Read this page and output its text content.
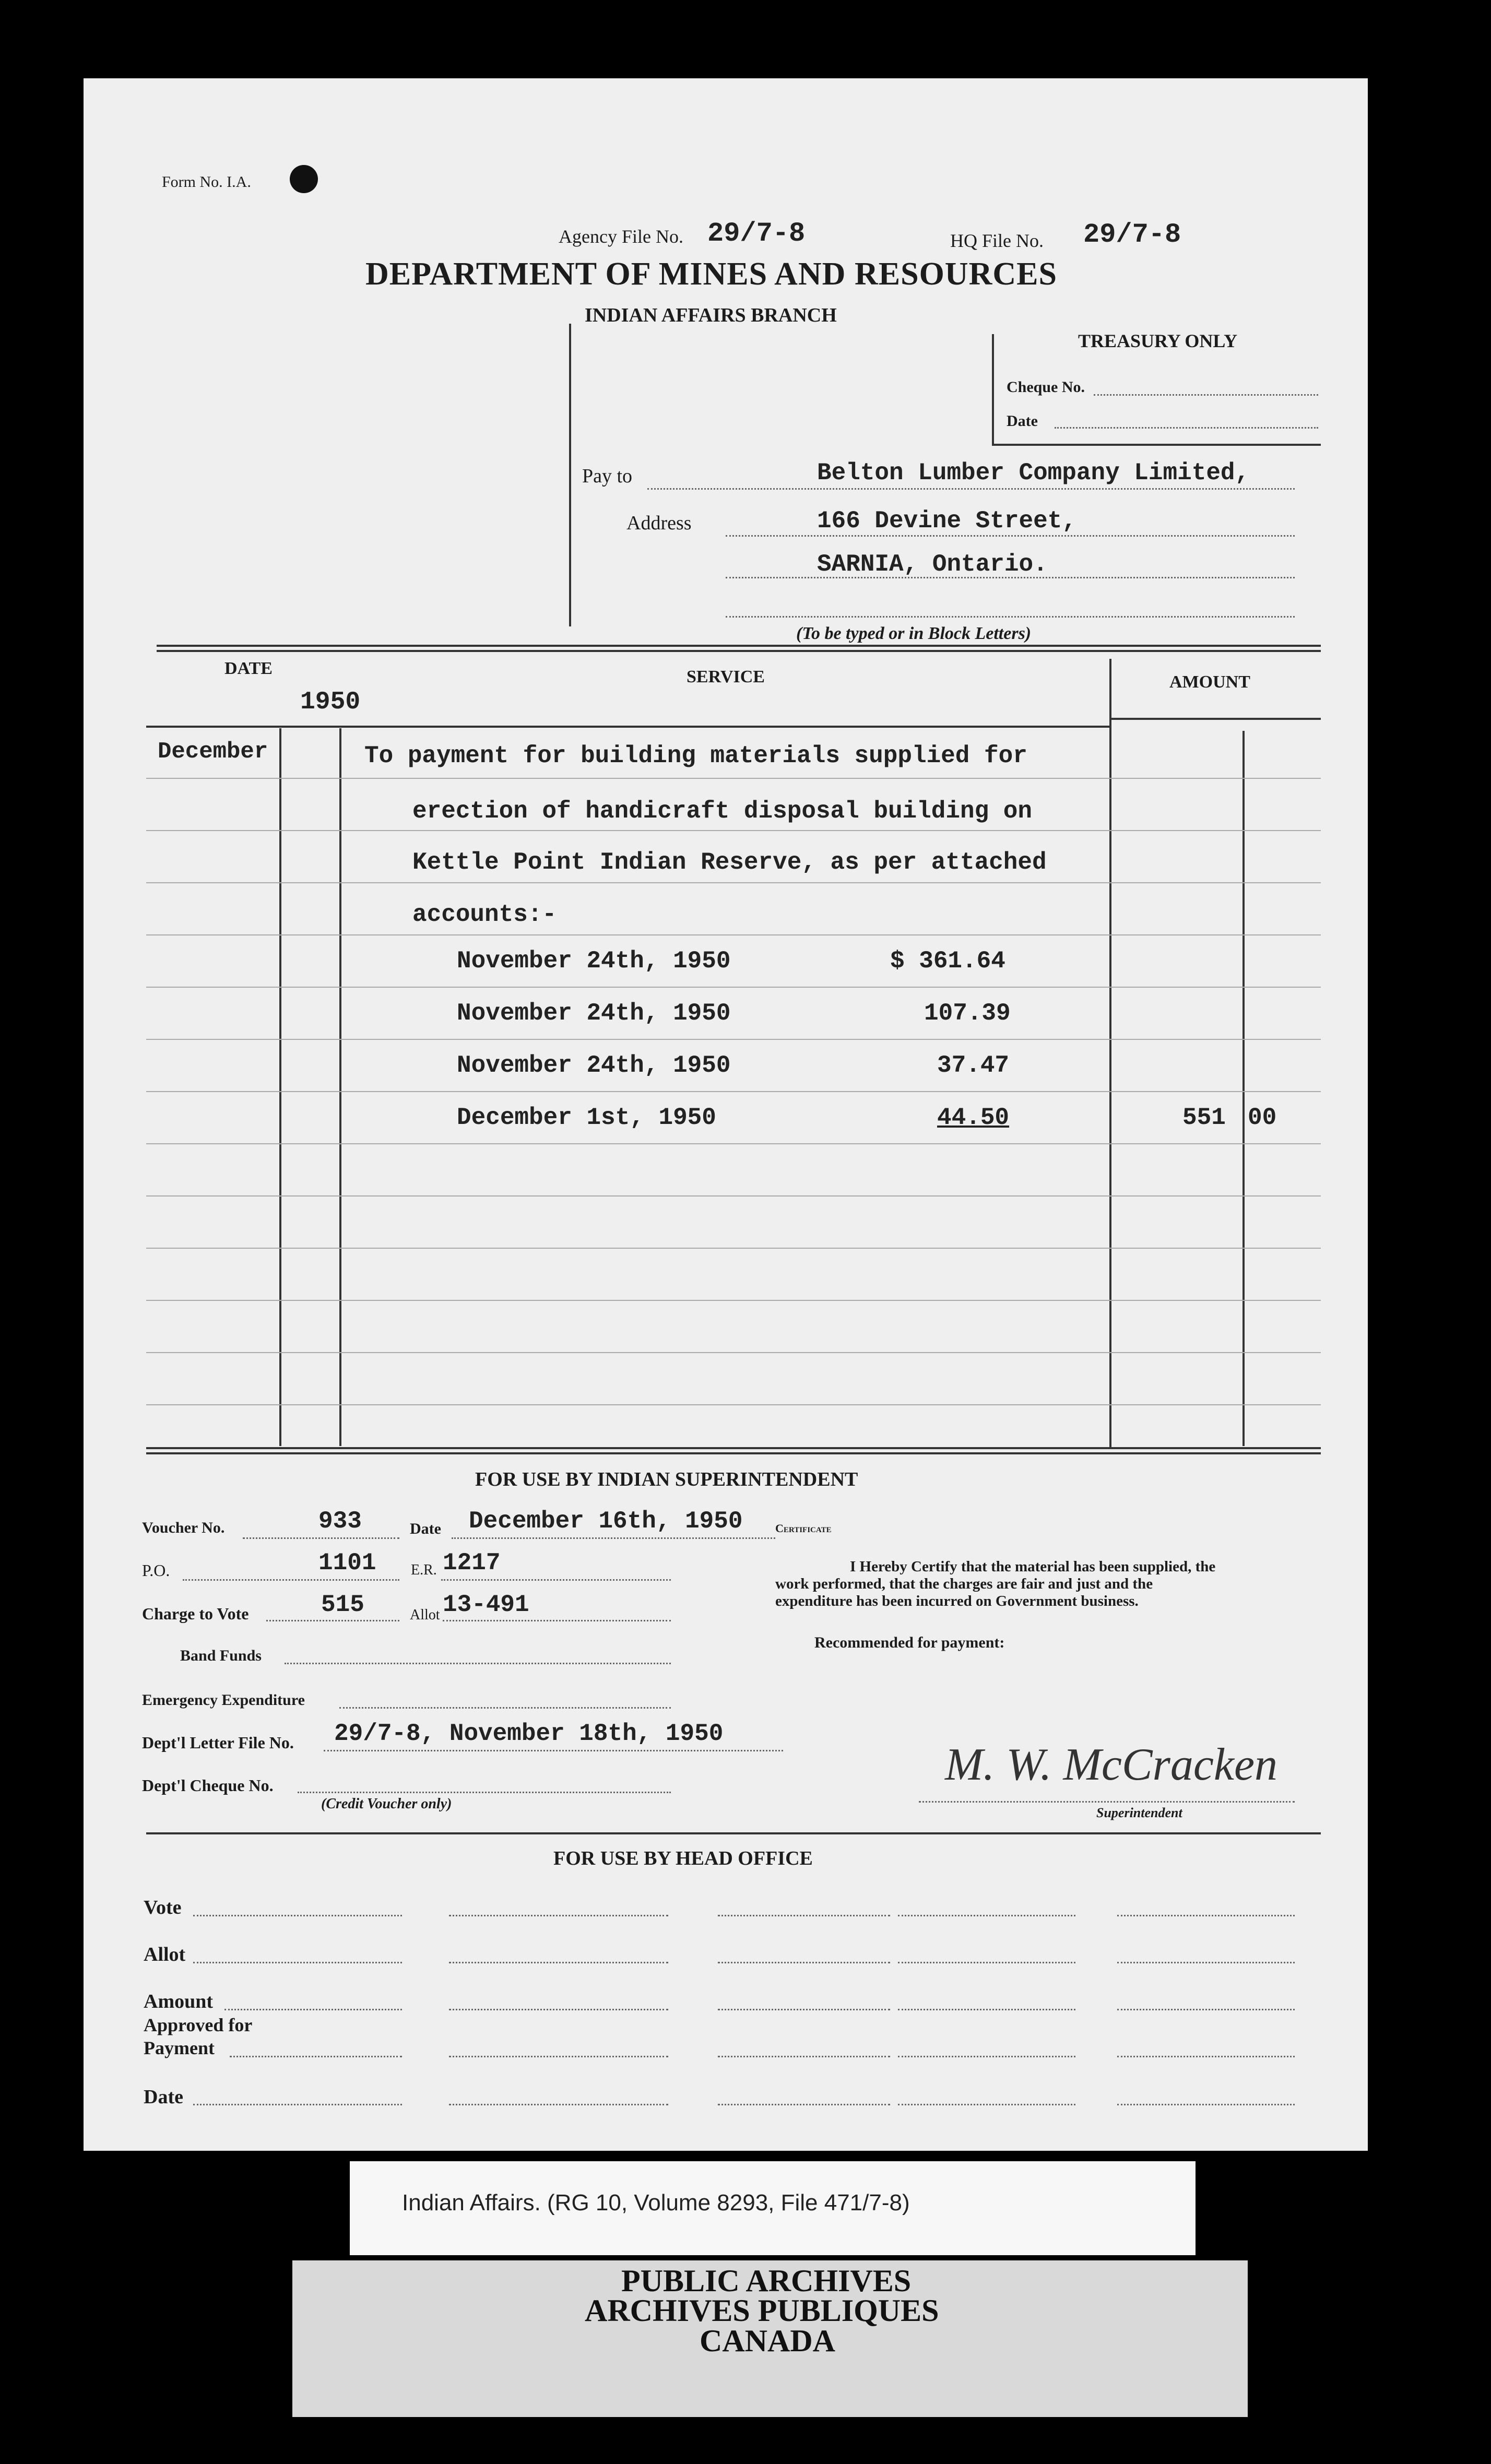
Form No. I.A.
Agency File No. 29/7-8	HQ File No. 29/7-8
DEPARTMENT OF MINES AND RESOURCES
INDIAN AFFAIRS BRANCH
TREASURY ONLY
Cheque No.
Date
Pay to	Belton Lumber Company Limited,
Address	166 Devine Street,
SARNIA, Ontario.
(To be typed or in Block Letters)
DATE	SERVICE	AMOUNT
1950
December	To payment for building materials supplied for
erection of handicraft disposal building on
Kettle Point Indian Reserve, as per attached
accounts:-
November 24th, 1950	$ 361.64
November 24th, 1950	107.39
November 24th, 1950	37.47
December 1st, 1950	44.50	551 00
FOR USE BY INDIAN SUPERINTENDENT
Voucher No.	933	Date December 16th, 1950	Certificate
P.O.	1101 E.R. 1217
Charge to Vote	515	Allot 13-491
Band Funds
Emergency Expenditure
Dept'l Letter File No. 29/7-8, November 18th, 1950
Dept'l Cheque No.
(Credit Voucher only)
I Hereby Certify that the material has been supplied, the
work performed, that the charges are fair and just and the
expenditure has been incurred on Government business.
Recommended for payment:
M. W. McCracken
Superintendent
FOR USE BY HEAD OFFICE
Vote
Allot
Amount
Approved for
Payment
Date
Indian Affairs. (RG 10, Volume 8293, File 471/7-8)
PUBLIC ARCHIVES
ARCHIVES PUBLIQUES
CANADA
